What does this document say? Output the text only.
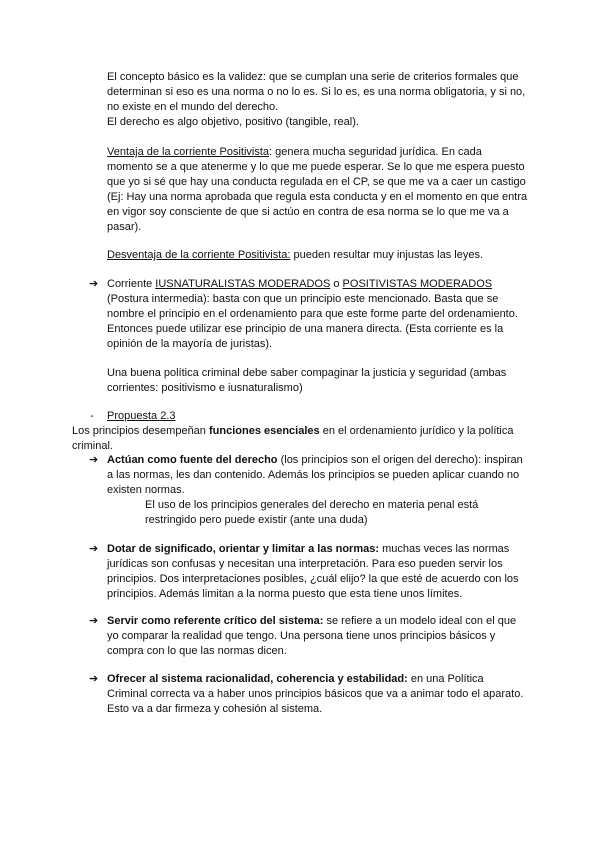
El concepto básico es la validez: que se cumplan una serie de criterios formales que determinan si eso es una norma o no lo es. Si lo es, es una norma obligatoria, y si no, no existe en el mundo del derecho.
El derecho es algo objetivo, positivo (tangible, real).
Ventaja de la corriente Positivista: genera mucha seguridad jurídica. En cada momento se a que atenerme y lo que me puede esperar. Se lo que me espera puesto que yo si sé que hay una conducta regulada en el CP, se que me va a caer un castigo (Ej: Hay una norma aprobada que regula esta conducta y en el momento en que entra en vigor soy consciente de que si actúo en contra de esa norma se lo que me va a pasar).
Desventaja de la corriente Positivista: pueden resultar muy injustas las leyes.
➔ Corriente IUSNATURALISTAS MODERADOS o POSITIVISTAS MODERADOS (Postura intermedia): basta con que un principio este mencionado. Basta que se nombre el principio en el ordenamiento para que este forme parte del ordenamiento. Entonces puede utilizar ese principio de una manera directa. (Esta corriente es la opinión de la mayoría de juristas).
Una buena política criminal debe saber compaginar la justicia y seguridad (ambas corrientes: positivismo e iusnaturalismo)
- Propuesta 2.3
Los principios desempeñan funciones esenciales en el ordenamiento jurídico y la política criminal.
➔ Actúan como fuente del derecho (los principios son el origen del derecho): inspiran a las normas, les dan contenido. Además los principios se pueden aplicar cuando no existen normas.
El uso de los principios generales del derecho en materia penal está restringido pero puede existir (ante una duda)
➔ Dotar de significado, orientar y limitar a las normas: muchas veces las normas jurídicas son confusas y necesitan una interpretación. Para eso pueden servir los principios. Dos interpretaciones posibles, ¿cuál elijo? la que esté de acuerdo con los principios. Además limitan a la norma puesto que esta tiene unos límites.
➔ Servir como referente crítico del sistema: se refiere a un modelo ideal con el que yo comparar la realidad que tengo. Una persona tiene unos principios básicos y compra con lo que las normas dicen.
➔ Ofrecer al sistema racionalidad, coherencia y estabilidad: en una Política Criminal correcta va a haber unos principios básicos que va a animar todo el aparato. Esto va a dar firmeza y cohesión al sistema.
